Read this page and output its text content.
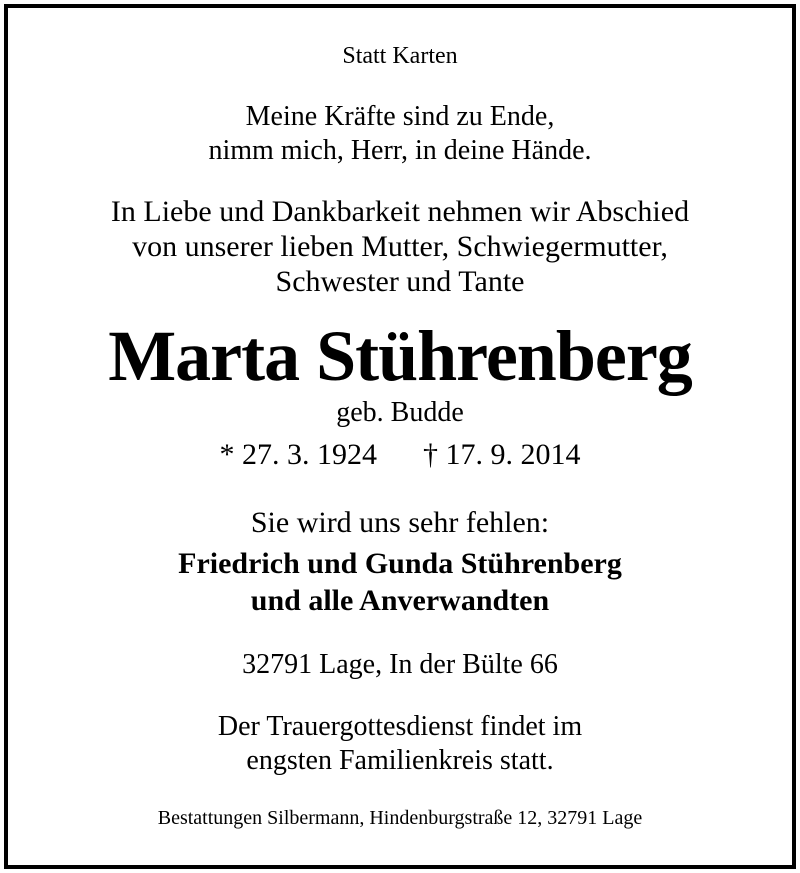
Statt Karten
Meine Kräfte sind zu Ende,
nimm mich, Herr, in deine Hände.
In Liebe und Dankbarkeit nehmen wir Abschied
von unserer lieben Mutter, Schwiegermutter,
Schwester und Tante
Marta Stührenberg
geb. Budde
* 27. 3. 1924 † 17. 9. 2014
Sie wird uns sehr fehlen:
Friedrich und Gunda Stührenberg
und alle Anverwandten
32791 Lage, In der Bülte 66
Der Trauergottesdienst findet im
engsten Familienkreis statt.
Bestattungen Silbermann, Hindenburgstraße 12, 32791 Lage
